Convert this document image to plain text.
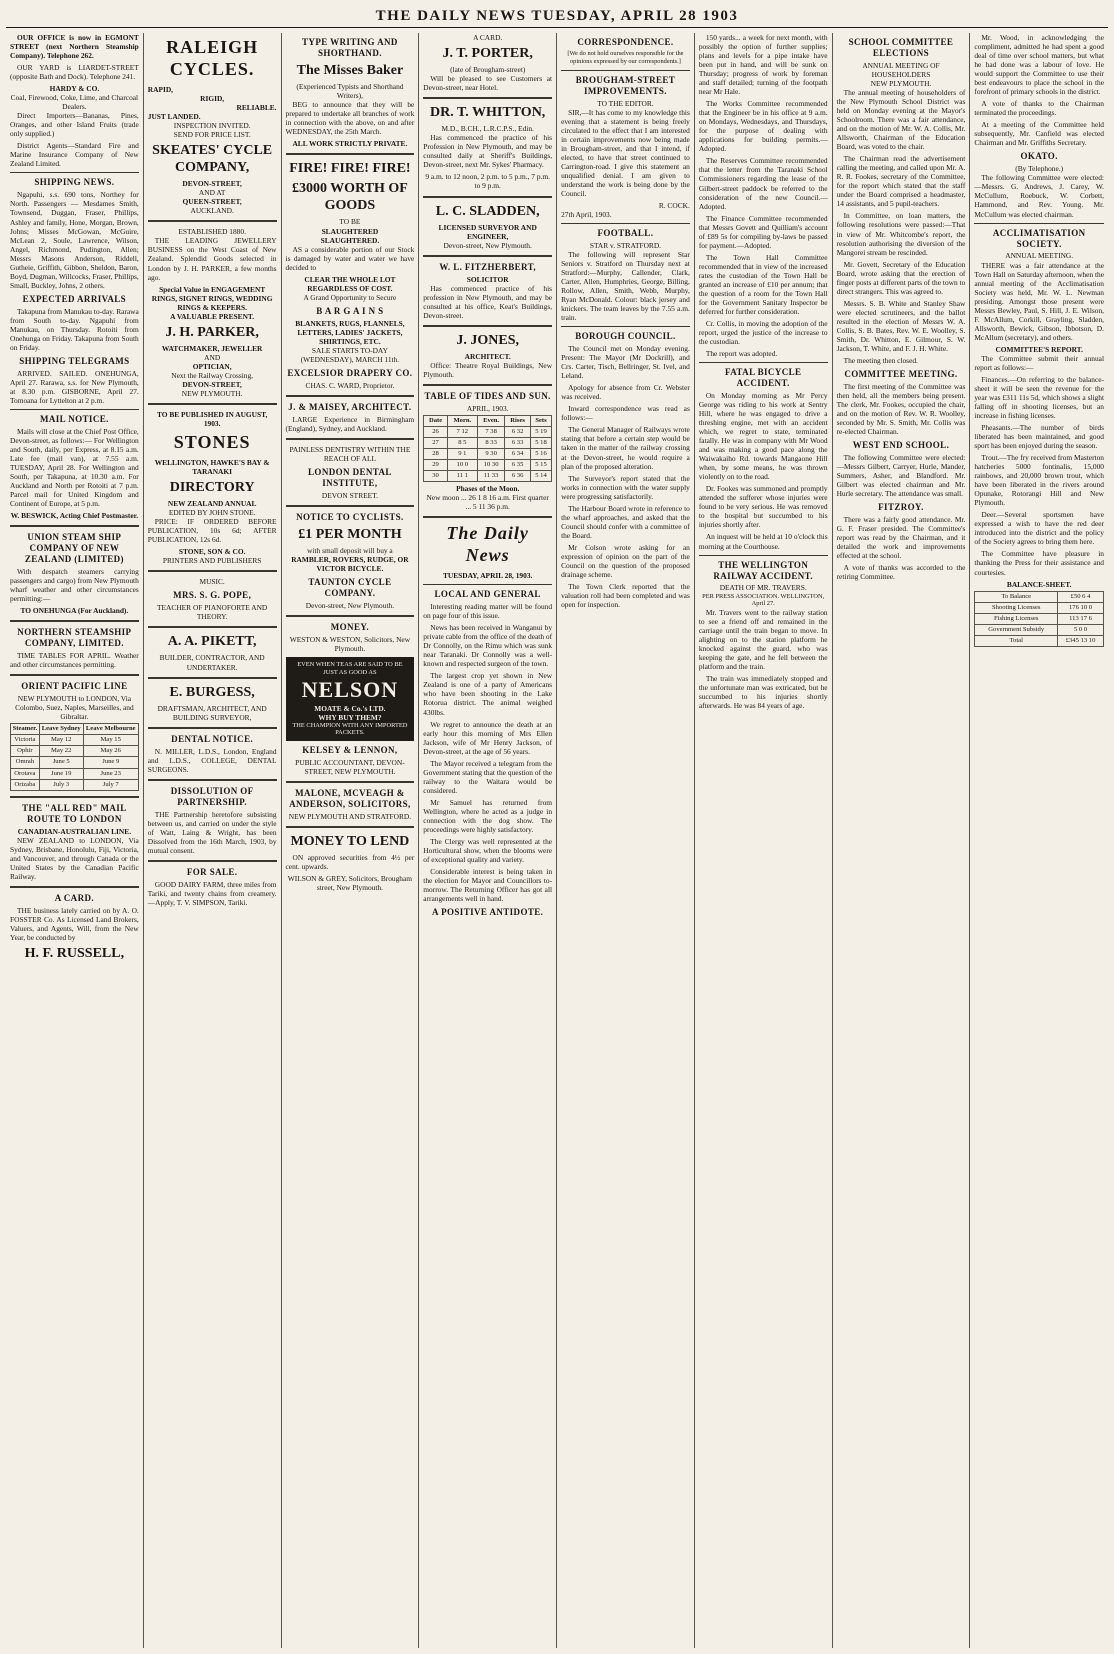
THE DAILY NEWS TUESDAY, APRIL 28 1903

OUR OFFICE is now in EGMONT STREET (next Northern Steamship Company). Telephone 262.

OUR YARD is LIARDET-STREET (opposite Bath and Dock). Telephone 241.

HARDY & CO.

Coal, Firewood, Coke, Lime, and Charcoal Dealers.

Direct Importers—Bananas, Pines, Oranges, and other Island Fruits (trade only supplied.)

District Agents—Standard Fire and Marine Insurance Company of New Zealand Limited.

SHIPPING NEWS.

Ngapuhi, s.s. 690 tons, Northey for North. Passengers — Mesdames Smith, Townsend, Duggan, Fraser, Phillips, Ashley and family, Hone, Morgan, Brown, Johns; Misses McGowan, McGuire, McLean 2, Soule, Lawrence, Wilson, Angel, Richmond, Pudington, Allen; Messrs Masons Anderson, Riddell, Gutheie, Griffith, Gibbon, Sheldon, Baron, Boyd, Dugman, Willcocks, Fraser, Phillips, Small, Buckley, Johns, 2 others.

EXPECTED ARRIVALS

Takapuna from Manukau to-day. Rarawa from South to-day. Ngapuhi from Manukau, on Thursday. Rotoiti from Onehunga on Friday. Takapuna from South on Friday.

SHIPPING TELEGRAMS

ARRIVED. SAILED. ONEHUNGA, April 27. Rarawa, s.s. for New Plymouth, at 8.30 p.m. GISBORNE, April 27. Tomoana for Lyttelton at 2 p.m.

MAIL NOTICE.

Mails will close at the Chief Post Office, Devon-street, as follows:— For Wellington and South, daily, per Express, at 8.15 a.m. Late fee (mail van), at 7.55 a.m. TUESDAY, April 28. For Wellington and South, per Takapuna, at 10.30 a.m. For Auckland and North per Rotoiti at 7 p.m. Parcel mail for United Kingdom and Continent of Europe, at 5 p.m.

W. BESWICK, Acting Chief Postmaster.

UNION STEAM SHIP COMPANY OF NEW ZEALAND (LIMITED)

With despatch steamers carrying passengers and cargo) from New Plymouth wharf weather and other circumstances permitting:—

TO ONEHUNGA (For Auckland).

NORTHERN STEAMSHIP COMPANY, LIMITED.

TIME TABLES FOR APRIL. Weather and other circumstances permitting.

ORIENT PACIFIC LINE

NEW PLYMOUTH to LONDON, Via Colombo, Suez, Naples, Marseilles, and Gibraltar.

Steamer.	Leave Sydney	Leave Melbourne
Victoria	May 12	May 15
Ophir	May 22	May 26
Omrah	June 5	June 9
Orotava	June 19	June 23
Orizaba	July 3	July 7
THE "ALL RED" MAIL ROUTE TO LONDON

CANADIAN-AUSTRALIAN LINE.

NEW ZEALAND to LONDON, Via Sydney, Brisbane, Honolulu, Fiji, Victoria, and Vancouver, and through Canada or the United States by the Canadian Pacific Railway.

A CARD.

THE business lately carried on by A. O. FOSSTER Co. As Licensed Land Brokers, Valuers, and Agents, Will, from the New Year, be conducted by

H. F. RUSSELL,

RALEIGH CYCLES.

RAPID,

RIGID,

RELIABLE.

JUST LANDED.

INSPECTION INVITED.

SEND FOR PRICE LIST.

SKEATES' CYCLE COMPANY,

DEVON-STREET,

AND AT

QUEEN-STREET,

AUCKLAND.

ESTABLISHED 1880.

THE LEADING JEWELLERY BUSINESS on the West Coast of New Zealand. Splendid Goods selected in London by J. H. PARKER, a few months ago.

Special Value in ENGAGEMENT RINGS, SIGNET RINGS, WEDDING RINGS & KEEPERS.

A VALUABLE PRESENT.

J. H. PARKER,

WATCHMAKER, JEWELLER

AND

OPTICIAN,

Next the Railway Crossing,

DEVON-STREET,

NEW PLYMOUTH.

TO BE PUBLISHED IN AUGUST, 1903.

STONES

WELLINGTON, HAWKE'S BAY & TARANAKI

DIRECTORY

NEW ZEALAND ANNUAL

EDITED BY JOHN STONE.

PRICE: IF ORDERED BEFORE PUBLICATION, 10s 6d; AFTER PUBLICATION, 12s 6d.

STONE, SON & CO.

PRINTERS AND PUBLISHERS

MUSIC.

MRS. S. G. POPE,

TEACHER OF PIANOFORTE AND THEORY.

A. A. PIKETT,

BUILDER, CONTRACTOR, AND UNDERTAKER.

E. BURGESS,

DRAFTSMAN, ARCHITECT, AND BUILDING SURVEYOR,

DENTAL NOTICE.

N. MILLER, L.D.S., London, England and L.D.S., COLLEGE, DENTAL SURGEONS.

DISSOLUTION OF PARTNERSHIP.

THE Partnership heretofore subsisting between us, and carried on under the style of Watt, Laing & Wright, has been Dissolved from the 16th March, 1903, by mutual consent.

FOR SALE.

GOOD DAIRY FARM, three miles from Tariki, and twenty chains from creamery.—Apply, T. V. SIMPSON, Tariki.

TYPE WRITING AND SHORTHAND.
The Misses Baker

(Experienced Typists and Shorthand Writers),

BEG to announce that they will be prepared to undertake all branches of work in connection with the above, on and after WEDNESDAY, the 25th March.

ALL WORK STRICTLY PRIVATE.

FIRE! FIRE! FIRE!
£3000 WORTH OF GOODS

TO BE

SLAUGHTERED

SLAUGHTERED.

AS a considerable portion of our Stock is damaged by water and water we have decided to

CLEAR THE WHOLE LOT REGARDLESS OF COST.

A Grand Opportunity to Secure

B A R G A I N S

BLANKETS, RUGS, FLANNELS, LETTERS, LADIES' JACKETS, SHIRTINGS, ETC.

SALE STARTS TO-DAY (WEDNESDAY), MARCH 11th.

EXCELSIOR DRAPERY CO.

CHAS. C. WARD, Proprietor.

J. & MAISEY, ARCHITECT.

LARGE Experience in Birmingham (England), Sydney, and Auckland.

PAINLESS DENTISTRY WITHIN THE REACH OF ALL

LONDON DENTAL INSTITUTE,

DEVON STREET.

NOTICE TO CYCLISTS.
£1 PER MONTH

with small deposit will buy a

RAMBLER, ROVERS, RUDGE, OR VICTOR BICYCLE.

TAUNTON CYCLE COMPANY.

Devon-street, New Plymouth.

MONEY.

WESTON & WESTON, Solicitors, New Plymouth.

EVEN WHEN TEAS ARE SAID TO BE JUST AS GOOD AS

NELSON

MOATE & Co.'s LTD.

WHY BUY THEM?

THE CHAMPION WITH ANY IMPORTED PACKETS.

KELSEY & LENNON,

PUBLIC ACCOUNTANT, DEVON-STREET, NEW PLYMOUTH.

MALONE, MCVEAGH & ANDERSON, SOLICITORS,

NEW PLYMOUTH AND STRATFORD.

MONEY TO LEND

ON approved securities from 4½ per cent. upwards.

WILSON & GREY, Solicitors, Brougham street, New Plymouth.

A CARD.

J. T. PORTER,

(late of Brougham-street)

Will be pleased to see Customers at Devon-street, near Hotel.

DR. T. WHITTON,

M.D., B.CH., L.R.C.P.S., Edin.

Has commenced the practice of his Profession in New Plymouth, and may be consulted daily at Sheriff's Buildings, Devon-street, next Mr. Sykes' Pharmacy.

9 a.m. to 12 noon, 2 p.m. to 5 p.m., 7 p.m. to 9 p.m.

L. C. SLADDEN,

LICENSED SURVEYOR AND ENGINEER,

Devon-street, New Plymouth.

W. L. FITZHERBERT,

SOLICITOR

Has commenced practice of his profession in New Plymouth, and may be consulted at his office, Keat's Buildings, Devon-street.

J. JONES,

ARCHITECT.

Office: Theatre Royal Buildings, New Plymouth.

TABLE OF TIDES AND SUN.

APRIL, 1903.

Date	Morn.	Even.	Rises	Sets
26	7 12	7 38	6 32	5 19
27	8 5	8 33	6 33	5 18
28	9 1	9 30	6 34	5 16
29	10 0	10 30	6 35	5 15
30	11 1	11 33	6 36	5 14

Phases of the Moon.

New moon ... 26 1 8 16 a.m. First quarter ... 5 11 36 p.m.

The Daily News

TUESDAY, APRIL 28, 1903.

LOCAL AND GENERAL

Interesting reading matter will be found on page four of this issue.

News has been received in Wanganui by private cable from the office of the death of Dr Connolly, on the Rimu which was sunk near Taranaki. Dr Connolly was a well-known and respected surgeon of the town.

The largest crop yet shown in New Zealand is one of a party of Americans who have been shooting in the Lake Rotorua district. The animal weighed 430lbs.

We regret to announce the death at an early hour this morning of Mrs Ellen Jackson, wife of Mr Henry Jackson, of Devon-street, at the age of 56 years.

The Mayor received a telegram from the Government stating that the question of the railway to the Waitara would be considered.

Mr Samuel has returned from Wellington, where he acted as a judge in connection with the dog show. The proceedings were highly satisfactory.

The Clergy was well represented at the Horticultural show, when the blooms were of exceptional quality and variety.

Considerable interest is being taken in the election for Mayor and Councillors to-morrow. The Returning Officer has got all arrangements well in hand.

A POSITIVE ANTIDOTE.
CORRESPONDENCE.

[We do not hold ourselves responsible for the opinions expressed by our correspondents.]

BROUGHAM-STREET IMPROVEMENTS.

TO THE EDITOR.

SIR,—It has come to my knowledge this evening that a statement is being freely circulated to the effect that I am interested in certain improvements now being made in Brougham-street, and that I intend, if elected, to have that street continued to Carrington-road. I give this statement an unqualified denial. I am given to understand the work is being done by the Council.

R. COCK.

27th April, 1903.

FOOTBALL.

STAR v. STRATFORD.

The following will represent Star Seniors v. Stratford on Thursday next at Stratford:—Murphy, Callender, Clark, Carter, Allen, Humphries, George, Billing, Rollow, Allen, Smith, Webb, Murphy, Ryan McDonald. Colour: black jersey and knickers. The team leaves by the 7.55 a.m. train.

BOROUGH COUNCIL.

The Council met on Monday evening. Present: The Mayor (Mr Dockrill), and Crs. Carter, Tisch, Bellringer, St. Ivel, and Leland.

Apology for absence from Cr. Webster was received.

Inward correspondence was read as follows:—

The General Manager of Railways wrote stating that before a certain step would be taken in the matter of the railway crossing at the Devon-street, he would require a plan of the proposed alteration.

The Surveyor's report stated that the works in connection with the water supply were progressing satisfactorily.

The Harbour Board wrote in reference to the wharf approaches, and asked that the Council should confer with a committee of the Board.

Mr Colson wrote asking for an expression of opinion on the part of the Council on the question of the proposed drainage scheme.

The Town Clerk reported that the valuation roll had been completed and was open for inspection.

150 yards... a week for next month, with possibly the option of further supplies; plans and levels for a pipe intake have been put in hand, and will be sunk on Thursday; progress of work by foreman and staff detailed; turning of the footpath near Mr Hale.

The Works Committee recommended that the Engineer be in his office at 9 a.m. on Mondays, Wednesdays, and Thursdays, for the purpose of dealing with applications for building permits.—Adopted.

The Reserves Committee recommended that the letter from the Taranaki School Commissioners regarding the lease of the Gilbert-street paddock be referred to the consideration of the new Council.—Adopted.

The Finance Committee recommended that Messrs Govett and Quilliam's account of £89 5s for compiling by-laws be passed for payment.—Adopted.

The Town Hall Committee recommended that in view of the increased rates the custodian of the Town Hall be granted an increase of £10 per annum; that the question of a room for the Town Hall for the Government Sanitary Inspector be deferred for further consideration.

Cr. Collis, in moving the adoption of the report, urged the justice of the increase to the custodian.

The report was adopted.

FATAL BICYCLE ACCIDENT.

On Monday morning as Mr Percy George was riding to his work at Sentry Hill, where he was engaged to drive a threshing engine, met with an accident which, we regret to state, terminated fatally. He was in company with Mr Wood and was making a good pace along the Waiwakaiho Rd. towards Mangaone Hill when, by some means, he was thrown violently on to the road.

Dr. Fookes was summoned and promptly attended the sufferer whose injuries were found to be very serious. He was removed to the hospital but succumbed to his injuries shortly after.

An inquest will be held at 10 o'clock this morning at the Courthouse.

THE WELLINGTON RAILWAY ACCIDENT.

DEATH OF MR. TRAVERS.

PER PRESS ASSOCIATION. WELLINGTON, April 27.

Mr. Travers went to the railway station to see a friend off and remained in the carriage until the train began to move. In alighting on to the station platform he knocked against the guard, who was keeping the gate, and he fell between the platform and the train.

The train was immediately stopped and the unfortunate man was extricated, but he succumbed to his injuries shortly afterwards. He was 84 years of age.

SCHOOL COMMITTEE ELECTIONS

ANNUAL MEETING OF HOUSEHOLDERS

NEW PLYMOUTH.

The annual meeting of householders of the New Plymouth School District was held on Monday evening at the Mayor's Schoolroom. There was a fair attendance, and on the motion of Mr. W. A. Collis, Mr. Allsworth, Chairman of the Education Board, was voted to the chair.

The Chairman read the advertisement calling the meeting, and called upon Mr. A. R. R. Fookes, secretary of the Committee, for the report which stated that the staff under the Board comprised a headmaster, 14 assistants, and 5 pupil-teachers.

In Committee, on loan matters, the following resolutions were passed:—That in view of Mr. Whitcombe's report, the resolution authorising the diversion of the Mangorei stream be rescinded.

Mr. Govett, Secretary of the Education Board, wrote asking that the erection of finger posts at different parts of the town to direct strangers. This was agreed to.

Messrs. S. B. White and Stanley Shaw were elected scrutineers, and the ballot resulted in the election of Messrs W. A. Collis, S. B. Bates, Rev. W. E. Woolley, S. Smith, Dr. Whitton, E. Gilmour, S. W. Jackson, T. White, and F. J. H. White.

The meeting then closed.

COMMITTEE MEETING.

The first meeting of the Committee was then held, all the members being present. The clerk, Mr. Fookes, occupied the chair, and on the motion of Rev. W. R. Woolley, seconded by Mr. S. Smith, Mr. Collis was re-elected Chairman.

WEST END SCHOOL.

The following Committee were elected:—Messrs Gilbert, Carryer, Hurle, Mander, Summers, Asher, and Blandford. Mr. Gilbert was elected chairman and Mr. Hurle secretary. The attendance was small.

FITZROY.

There was a fairly good attendance. Mr. G. F. Fraser presided. The Committee's report was read by the Chairman, and it detailed the work and improvements effected at the school.

A vote of thanks was accorded to the retiring Committee.

Mr. Wood, in acknowledging the compliment, admitted he had spent a good deal of time over school matters, but what he had done was a labour of love. He would support the Committee to use their best endeavours to place the school in the forefront of primary schools in the district.

A vote of thanks to the Chairman terminated the proceedings.

At a meeting of the Committee held subsequently, Mr. Canfield was elected Chairman and Mr. Griffiths Secretary.

OKATO.

(By Telephone.)

The following Committee were elected:—Messrs. G. Andrews, J. Carey, W. McCullum, Roebuck, W. Corbett, Hammond, and Rev. Young. Mr. McCullum was elected chairman.

ACCLIMATISATION SOCIETY.

ANNUAL MEETING.

THERE was a fair attendance at the Town Hall on Saturday afternoon, when the annual meeting of the Acclimatisation Society was held, Mr. W. L. Newman presiding. Amongst those present were Messrs Bewley, Paul, S. Hill, J. E. Wilson, F. McAllum, Corkill, Grayling, Sladden, Allsworth, Bewick, Gibson, Ibbotson, D. McAllum (secretary), and others.

COMMITTEE'S REPORT.

The Committee submit their annual report as follows:—

Finances.—On referring to the balance-sheet it will be seen the revenue for the year was £311 11s 5d, which shows a slight falling off in shooting licenses, but an increase in fishing licenses.

Pheasants.—The number of birds liberated has been maintained, and good sport has been enjoyed during the season.

Trout.—The fry received from Masterton hatcheries 5000 fontinalis, 15,000 rainbows, and 20,000 brown trout, which have been liberated in the rivers around Opunake, Rotorangi Hill and New Plymouth.

Deer.—Several sportsmen have expressed a wish to have the red deer introduced into the district and the policy of the Society agrees to bring them here.

The Committee have pleasure in thanking the Press for their assistance and courtesies.

BALANCE-SHEET.

To Balance	£50 6 4
Shooting Licenses	176 10 0
Fishing Licenses	113 17 6
Government Subsidy	5 0 0
Total	£345 13 10
